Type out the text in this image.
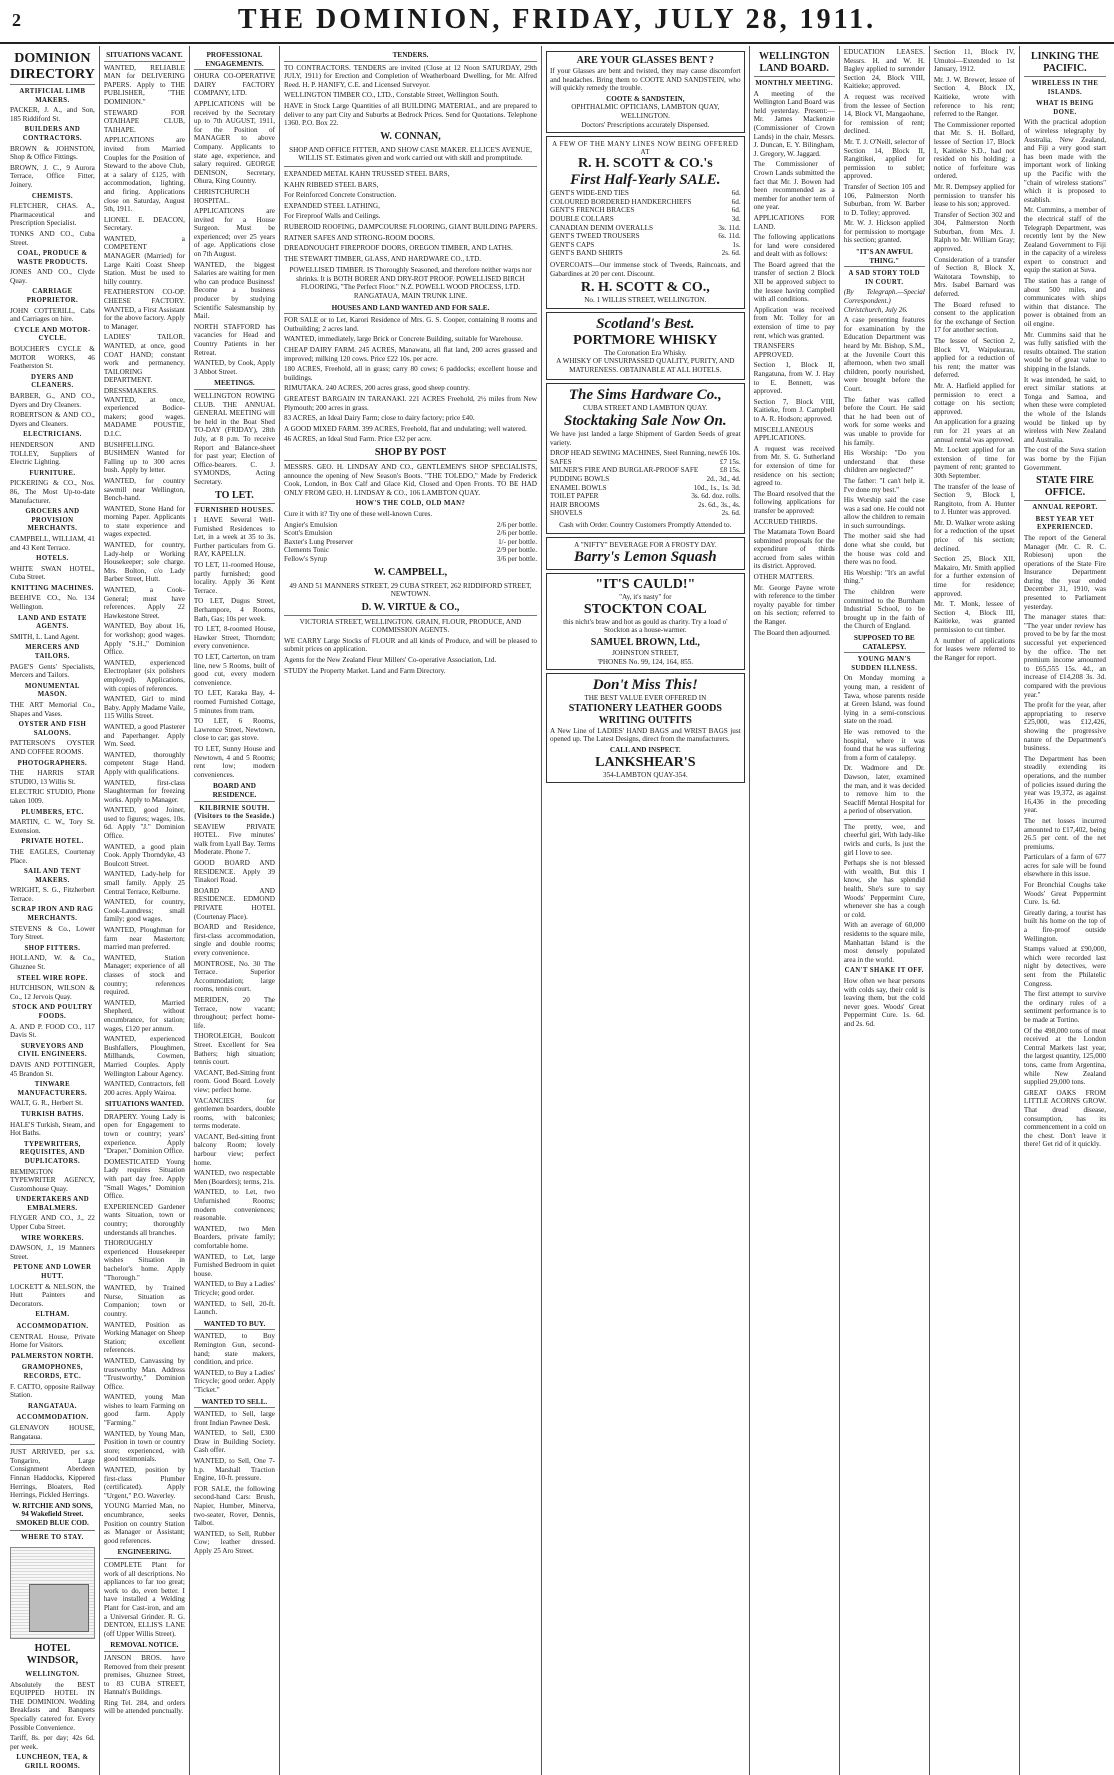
2	THE DOMINION, FRIDAY, JULY 28, 1911.
DOMINION DIRECTORY
ARTIFICIAL LIMB MAKERS.
PACKER, J. A., and Son, 185 Riddiford St.
BUILDERS AND CONTRACTORS.
BROWN & JOHNSTON, Shop & Office Fittings.
BROWN, J. C., 9 Aurora Terrace, Office Fitter, Joinery.
CHEMISTS.
FLETCHER, CHAS. A., Pharmaceutical and Prescription Specialist.
TONKS AND CO., Cuba Street.
COAL, PRODUCE & WASTE PRODUCTS.
JONES AND CO., Clyde Quay.
CARRIAGE PROPRIETOR.
JOHN COTTERILL, Cabs and Carriages on hire.
CYCLE AND MOTOR-CYCLE.
BOUCHER'S CYCLE & MOTOR WORKS, 46 Featherston St.
DYERS AND CLEANERS.
BARBER, G., AND CO., Dyers and Dry Cleaners.
ROBERTSON & AND CO., Dyers and Cleaners.
ELECTRICIANS.
HENDERSON AND TOLLEY, Suppliers of Electric Lighting.
FURNITURE.
PICKERING & CO., Nos. 86, The Most Up-to-date Manufacturer.
GROCERS AND PROVISION MERCHANTS.
CAMPBELL, WILLIAM, 41 and 43 Kent Terrace.
HOTELS.
WHITE SWAN HOTEL, Cuba Street.
KNITTING MACHINES.
BEEHIVE CO., No. 134 Wellington.
LAND AND ESTATE AGENTS.
SMITH, L. Land Agent.
MERCERS AND TAILORS.
PAGE'S Gents' Specialists, Mercers and Tailors.
MONUMENTAL MASON.
THE ART Memorial Co., Shapes and Vases.
OYSTER AND FISH SALOONS.
PATTERSON'S OYSTER AND COFFEE ROOMS.
PHOTOGRAPHERS.
THE HARRIS STAR STUDIO, 13 Willis St.
ELECTRIC STUDIO, Phone taken 1009.
PLUMBERS, ETC.
MARTIN, C. W., Tory St. Extension.
PRIVATE HOTEL.
THE EAGLES, Courtenay Place.
SAIL AND TENT MAKERS.
WRIGHT, S. G., Fitzherbert Terrace.
SCRAP IRON AND RAG MERCHANTS.
STEVENS & Co., Lower Tory Street.
SHOP FITTERS.
HOLLAND, W. & Co., Ghuznee St.
STEEL WIRE ROPE.
HUTCHISON, WILSON & Co., 12 Jervois Quay.
STOCK AND POULTRY FOODS.
A. AND P. FOOD CO., 117 Davis St.
SURVEYORS AND CIVIL ENGINEERS.
DAVIS AND POTTINGER, 45 Brandon St.
TINWARE MANUFACTURERS.
WALT, G. R., Herbert St.
TURKISH BATHS.
HALE'S Turkish, Steam, and Hot Baths.
TYPEWRITERS, REQUISITES, AND DUPLICATORS.
REMINGTON TYPEWRITER AGENCY, Customhouse Quay.
UNDERTAKERS AND EMBALMERS.
FLYGER AND CO., J., 22 Upper Cuba Street.
WIRE WORKERS.
DAWSON, J., 19 Manners Street.
PETONE AND LOWER HUTT.
LOCKETT & NELSON, the Hutt Painters and Decorators.
ELTHAM.
ACCOMMODATION.
CENTRAL House, Private Home for Visitors.
PALMERSTON NORTH.
GRAMOPHONES, RECORDS, ETC.
F. CATTO, opposite Railway Station.
RANGATAUA.
ACCOMMODATION.
GLENAVON HOUSE, Rangataua.
JUST ARRIVED, per s.s. Tongariro, Large Consignment Aberdeen Finnan Haddocks, Kippered Herrings, Bloaters, Red Herrings, Pickled Herrings.
W. RITCHIE AND SONS, 94 Wakefield Street. SMOKED BLUE COD.
WHERE TO STAY.
HOTEL WINDSOR,
WELLINGTON.
Absolutely the BEST EQUIPPED HOTEL IN THE DOMINION. Wedding Breakfasts and Banquets Specially catered for. Every Possible Convenience.
Tariff, 8s. per day; 42s 6d. per week.
LUNCHEON, TEA, & GRILL ROOMS.
SITUATIONS VACANT.
WANTED, RELIABLE MAN for DELIVERING PAPERS. Apply to THE PUBLISHER, "THE DOMINION."
STEWARD FOR OTAIHAPE CLUB, TAIHAPE.
APPLICATIONS are invited from Married Couples for the Position of Steward to the above Club, at a salary of £125, with accommodation, lighting, and firing. Applications close on Saturday, August 5th, 1911.
LIONEL E. DEACON, Secretary.
WANTED, a COMPETENT MANAGER (Married) for Large Kaiti Coast Sheep Station. Must be used to hilly country.
FEATHERSTON CO-OP. CHEESE FACTORY. WANTED, a First Assistant for the above factory. Apply to Manager.
LADIES' TAILOR. WANTED, at once, good COAT HAND; constant work and permanency. TAILORING DEPARTMENT.
DRESSMAKERS. WANTED, at once, experienced Bodice-makers; good wages. MADAME POUSTIE, D.I.C.
BUSHFELLING. BUSHMEN Wanted for Falling up to 300 acres bush. Apply by letter.
WANTED, for country sawmill near Wellington, Bench-hand.
WANTED, Stone Hand for morning Paper. Applicants to state experience and wages expected.
WANTED, for country, Lady-help or Working Housekeeper; sole charge. Mrs. Bolton, c/o Lady Barber Street, Hutt.
WANTED, a Cook-General; must have references. Apply 22 Hawkestone Street.
WANTED, Boy about 16, for workshop; good wages. Apply "S.H.," Dominion Office.
WANTED, experienced Electroplater (six polishers employed). Applications, with copies of references.
WANTED, Girl to mind Baby. Apply Madame Vaile, 115 Willis Street.
WANTED, a good Plasterer and Paperhanger. Apply Wm. Seed.
WANTED, thoroughly competent Stage Hand. Apply with qualifications.
WANTED, first-class Slaughterman for freezing works. Apply to Manager.
WANTED, good Joiner, used to figures; wages, 10s. 6d. Apply "J." Dominion Office.
WANTED, a good plain Cook. Apply Thorndyke, 43 Boulcott Street.
WANTED, Lady-help for small family. Apply 25 Central Terrace, Kelburne.
WANTED, for country, Cook-Laundress; small family; good wages.
WANTED, Ploughman for farm near Masterton; married man preferred.
WANTED, Station Manager; experience of all classes of stock and country; references required.
WANTED, Married Shepherd, without encumbrance, for station; wages, £120 per annum.
WANTED, experienced Bushfallers, Ploughmen, Millhands, Cowmen, Married Couples. Apply Wellington Labour Agency.
WANTED, Contractors, fell 200 acres. Apply Wairoa.
SITUATIONS WANTED.
DRAPERY. Young Lady is open for Engagement to town or country; years' experience. Apply "Draper," Dominion Office.
DOMESTICATED Young Lady requires Situation with part day free. Apply "Small Wages," Dominion Office.
EXPERIENCED Gardener wants Situation, town or country; thoroughly understands all branches.
THOROUGHLY experienced Housekeeper wishes Situation in bachelor's home. Apply "Thorough."
WANTED, by Trained Nurse, Situation as Companion; town or country.
WANTED, Position as Working Manager on Sheep Station; excellent references.
WANTED, Canvassing by trustworthy Man. Address "Trustworthy," Dominion Office.
WANTED, young Man wishes to learn Farming on good farm. Apply "Farming."
WANTED, by Young Man, Position in town or country store; experienced, with good testimonials.
WANTED, position by first-class Plumber (certificated). Apply "Urgent," P.O. Waverley.
YOUNG Married Man, no encumbrance, seeks Position on country Station as Manager or Assistant; good references.
ENGINEERING.
COMPLETE Plant for work of all descriptions. No appliances to far too great; work to do, even better. I have installed a Welding Plant for Cast-iron, and am a Universal Grinder. R. G. DENTON, ELLIS'S LANE (off Upper Willis Street).
REMOVAL NOTICE.
JANSON BROS. have Removed from their present premises, Ghuznee Street, to 83 CUBA STREET, Hannah's Buildings.
Ring Tel. 284, and orders will be attended punctually.
PROFESSIONAL ENGAGEMENTS.
OHURA CO-OPERATIVE DAIRY FACTORY COMPANY, LTD.
APPLICATIONS will be received by the Secretary up to 7th AUGUST, 1911, for the Position of MANAGER to above Company. Applicants to state age, experience, and salary required. GEORGE DENISON, Secretary, Ohura, King Country.
CHRISTCHURCH HOSPITAL.
APPLICATIONS are invited for a House Surgeon. Must be experienced; over 25 years of age. Applications close on 7th August.
WANTED, the biggest Salaries are waiting for men who can produce Business! Become a business producer by studying Scientific Salesmanship by Mail.
NORTH STAFFORD has vacancies for Head and Country Patients in her Retreat.
WANTED, by Cook, Apply 3 Abbot Street.
MEETINGS.
WELLINGTON ROWING CLUB. THE ANNUAL GENERAL MEETING will be held in the Boat Shed TO-DAY (FRIDAY), 28th July, at 8 p.m. To receive Report and Balance-sheet for past year; Election of Office-bearers. C. J. SYMONDS, Acting Secretary.
TO LET.
FURNISHED HOUSES.
I HAVE Several Well-Furnished Residences to Let, in a week at 35 to 3s. Further particulars from G. RAY, KAPELLN.
TO LET, 11-roomed House, partly furnished; good locality. Apply 36 Kent Terrace.
TO LET, Dugus Street, Berhampore, 4 Rooms, Bath, Gas; 10s per week.
TO LET, 8-roomed House, Hawker Street, Thorndon; every convenience.
TO LET, Carterton, on tram line, new 5 Rooms, built of good cut, every modern convenience.
TO LET, Karaka Bay, 4-roomed Furnished Cottage, 5 minutes from tram.
TO LET, 6 Rooms, Lawrence Street, Newtown, close to car; gas stove.
TO LET, Sunny House and Newtown, 4 and 5 Rooms; rent low; modern conveniences.
BOARD AND RESIDENCE.
KILBIRNIE SOUTH. (Visitors to the Seaside.)
SEAVIEW PRIVATE HOTEL. Five minutes' walk from Lyall Bay. Terms Moderate. Phone 7.
GOOD BOARD AND RESIDENCE. Apply 39 Tinakori Road.
BOARD AND RESIDENCE. EDMOND PRIVATE HOTEL (Courtenay Place).
BOARD and Residence, first-class accommodation, single and double rooms; every convenience.
MONTROSE, No. 30 The Terrace. Superior Accommodation; large rooms, tennis court.
MERIDEN, 20 The Terrace, now vacant; throughout; perfect home-life.
THOROLEIGH, Boulcott Street. Excellent for Sea Bathers; high situation; tennis court.
VACANT, Bed-Sitting front room. Good Board. Lovely view; perfect home.
VACANCIES for gentlemen boarders, double rooms, with balconies; terms moderate.
VACANT, Bed-sitting front balcony Room; lovely harbour view; perfect home.
WANTED, two respectable Men (Boarders); terms, 21s.
WANTED, to Let, two Unfurnished Rooms; modern conveniences; reasonable.
WANTED, two Men Boarders, private family; comfortable home.
WANTED, to Let, large Furnished Bedroom in quiet house.
WANTED, to Buy a Ladies' Tricycle; good order.
WANTED, to Sell, 20-ft. Launch.
WANTED TO BUY.
WANTED, to Buy Remington Gun, second-hand; state makers, condition, and price.
WANTED, to Buy a Ladies' Tricycle; good order. Apply "Ticket."
WANTED TO SELL.
WANTED, to Sell, large front Indian Pawnee Desk.
WANTED, to Sell, £300 Draw in Building Society. Cash offer.
WANTED, to Sell, One 7-h.p. Marshall Traction Engine, 10-ft. pressure.
FOR SALE, the following second-hand Cars: Brush, Napier, Humber, Minerva, two-seater, Rover, Dennis, Talbot.
WANTED, to Sell, Rubber Cow; leather dressed. Apply 25 Aro Street.
TENDERS.
TO CONTRACTORS. TENDERS are invited (Close at 12 Noon SATURDAY, 29th JULY, 1911) for Erection and Completion of Weatherboard Dwelling, for Mr. Alfred Reed. H. P. HANIFY, C.E. and Licensed Surveyor.
WELLINGTON TIMBER CO., LTD., Constable Street, Wellington South.
HAVE in Stock Large Quantities of all BUILDING MATERIAL, and are prepared to deliver to any part City and Suburbs at Bedrock Prices. Send for Quotations. Telephone 1360. P.O. Box 22.
W. CONNAN,
SHOP AND OFFICE FITTER, AND SHOW CASE MAKER. ELLICE'S AVENUE, WILLIS ST. Estimates given and work carried out with skill and promptitude.
EXPANDED METAL KAHN TRUSSED STEEL BARS,
KAHN RIBBED STEEL BARS,
For Reinforced Concrete Construction.
EXPANDED STEEL LATHING,
For Fireproof Walls and Ceilings.
RUBEROID ROOFING, DAMPCOURSE FLOORING, GIANT BUILDING PAPERS.
RATNER SAFES AND STRONG-ROOM DOORS.
DREADNOUGHT FIREPROOF DOORS, OREGON TIMBER, AND LATHS.
THE STEWART TIMBER, GLASS, AND HARDWARE CO., LTD.
POWELLISED TIMBER. IS Thoroughly Seasoned, and therefore neither warps nor shrinks. It is BOTH BORER AND DRY-ROT PROOF. POWELLISED BIRCH FLOORING, "The Perfect Floor." N.Z. POWELL WOOD PROCESS, LTD. RANGATAUA, MAIN TRUNK LINE.
HOUSES AND LAND WANTED AND FOR SALE.
FOR SALE or to Let, Karori Residence of Mrs. G. S. Cooper, containing 8 rooms and Outbuilding; 2 acres land.
WANTED, immediately, large Brick or Concrete Building, suitable for Warehouse.
CHEAP DAIRY FARM. 245 ACRES, Manawatu, all flat land, 200 acres grassed and improved; milking 120 cows. Price £22 10s. per acre.
180 ACRES, Freehold, all in grass; carry 80 cows; 6 paddocks; excellent house and buildings.
RIMUTAKA. 240 ACRES, 200 acres grass, good sheep country.
GREATEST BARGAIN IN TARANAKI. 221 ACRES Freehold, 2½ miles from New Plymouth; 200 acres in grass.
83 ACRES, an Ideal Dairy Farm; close to dairy factory; price £40.
A GOOD MIXED FARM. 399 ACRES, Freehold, flat and undulating; well watered.
46 ACRES, an Ideal Stud Farm. Price £32 per acre.
SHOP BY POST
MESSRS. GEO. H. LINDSAY AND CO., GENTLEMEN'S SHOP SPECIALISTS, announce the opening of New Season's Boots. "THE TOLEDO," Made by Frederick Cook, London, in Box Calf and Glace Kid, Closed and Open Fronts. TO BE HAD ONLY FROM GEO. H. LINDSAY & CO., 106 LAMBTON QUAY.
HOW'S THE COLD, OLD MAN?
Cure it with it? Try one of these well-known Cures.
Angier's Emulsion	2/6 per bottle.
Scott's Emulsion	2/6 per bottle.
Baxter's Lung Preserver	1/- per bottle.
Clements Tonic	2/9 per bottle.
Fellow's Syrup	3/6 per bottle.
W. CAMPBELL,
49 AND 51 MANNERS STREET, 29 CUBA STREET, 262 RIDDIFORD STREET, NEWTOWN.
D. W. VIRTUE & CO.,
VICTORIA STREET, WELLINGTON. GRAIN, FLOUR, PRODUCE, AND COMMISSION AGENTS.
WE CARRY Large Stocks of FLOUR and all kinds of Produce, and will be pleased to submit prices on application.
Agents for the New Zealand Fleur Millers' Co-operative Association, Ltd.
STUDY the Property Market. Land and Farm Directory.
ARE YOUR GLASSES BENT ?
If your Glasses are bent and twisted, they may cause discomfort and headaches. Bring them to COOTE AND SANDSTEIN, who will quickly remedy the trouble.
COOTE & SANDSTEIN,
OPHTHALMIC OPTICIANS, LAMBTON QUAY, WELLINGTON.
Doctors' Prescriptions accurately Dispensed.
A FEW OF THE MANY LINES NOW BEING OFFERED AT
R. H. SCOTT & CO.'s
First Half-Yearly SALE.
GENT'S WIDE-END TIES	6d.
COLOURED BORDERED HANDKERCHIEFS	6d.
GENT'S FRENCH BRACES	6d.
DOUBLE COLLARS	3d.
CANADIAN DENIM OVERALLS	3s. 11d.
GENT'S TWEED TROUSERS	6s. 11d.
GENT'S CAPS	1s.
GENT'S BAND SHIRTS	2s. 6d.
OVERCOATS—Our immense stock of Tweeds, Raincoats, and Gabardines at 20 per cent. Discount.
R. H. SCOTT & CO.,
No. 1 WILLIS STREET, WELLINGTON.
Scotland's Best.
PORTMORE WHISKY
The Coronation Era Whisky.
A WHISKY OF UNSURPASSED QUALITY, PURITY, AND MATURENESS. OBTAINABLE AT ALL HOTELS.
The Sims Hardware Co.,
CUBA STREET AND LAMBTON QUAY.
Stocktaking Sale Now On.
We have just landed a large Shipment of Garden Seeds of great variety.
DROP HEAD SEWING MACHINES, Steel Running, new £6 10s.
SAFES	£7 15s.
MILNER'S FIRE AND BURGLAR-PROOF SAFE	£8 15s.
PUDDING BOWLS	2d., 3d., 4d.
ENAMEL BOWLS	10d., 1s., 1s. 3d.
TOILET PAPER	3s. 6d. doz. rolls.
HAIR BROOMS	2s. 6d., 3s., 4s.
SHOVELS	2s. 6d.
Cash with Order. Country Customers Promptly Attended to.
A "NIFTY" BEVERAGE FOR A FROSTY DAY.
Barry's Lemon Squash
"IT'S CAULD!"
"Ay, it's nasty" for
STOCKTON COAL
this nicht's braw and hot as gould as charity. Try a load o' Stockton as a house-warmer.
SAMUEL BROWN, Ltd.,
JOHNSTON STREET,
'PHONES No. 99, 124, 164, 855.
Don't Miss This!
THE BEST VALUE EVER OFFERED IN
STATIONERY LEATHER GOODS WRITING OUTFITS
A New Line of LADIES' HAND BAGS and WRIST BAGS just opened up. The Latest Designs, direct from the manufacturers.
CALL AND INSPECT.
LANKSHEAR'S
354-LAMBTON QUAY-354.
WELLINGTON LAND BOARD.
MONTHLY MEETING.
A meeting of the Wellington Land Board was held yesterday. Present:—Mr. James Mackenzie (Commissioner of Crown Lands) in the chair, Messrs. J. Duncan, E. Y. Bilingham, J. Gregory, W. Jaggard.
The Commissioner of Crown Lands submitted the fact that Mr. J. Bowen had been recommended as a member for another term of one year.
APPLICATIONS FOR LAND.
The following applications for land were considered and dealt with as follows:
The Board agreed that the transfer of section 2 Block XII be approved subject to the lessee having complied with all conditions.
Application was received from Mr. Tolley for an extension of time to pay rent, which was granted.
TRANSFERS APPROVED.
Section 1, Block II, Rangatuna, from W. J. Hay to E. Bennett, was approved.
Section 7, Block VIII, Kaitieke, from J. Campbell to A. R. Hodson; approved.
MISCELLANEOUS APPLICATIONS.
A request was received from Mr. S. G. Sutherland for extension of time for residence on his section; agreed to.
The Board resolved that the following applications for transfer be approved:
ACCRUED THIRDS.
The Matamata Town Board submitted proposals for the expenditure of thirds accrued from sales within its district. Approved.
OTHER MATTERS.
Mr. George Payne wrote with reference to the timber royalty payable for timber on his section; referred to the Ranger.
The Board then adjourned.
EDUCATION LEASES. Messrs. H. and W. H. Bagley applied to surrender Section 24, Block VIII, Kaitieke; approved.
A request was received from the lessee of Section 14, Block VI, Mangaohane, for remission of rent; declined.
Mr. T. J. O'Neill, selector of Section 14, Block II, Rangitikei, applied for permission to sublet; approved.
Transfer of Section 105 and 106, Palmerston North Suburban, from W. Barber to D. Tolley; approved.
Mr. W. J. Hickson applied for permission to mortgage his section; granted.
"IT'S AN AWFUL THING."
A SAD STORY TOLD IN COURT.
(By Telegraph.—Special Correspondent.) Christchurch, July 26.
A case presenting features for examination by the Education Department was heard by Mr. Bishop, S.M., at the Juvenile Court this afternoon, when two small children, poorly nourished, were brought before the Court.
The father was called before the Court. He said that he had been out of work for some weeks and was unable to provide for his family.
His Worship: "Do you understand that these children are neglected?"
The father: "I can't help it. I've done my best."
His Worship said the case was a sad one. He could not allow the children to remain in such surroundings.
The mother said she had done what she could, but the house was cold and there was no food.
His Worship: "It's an awful thing."
The children were committed to the Burnham Industrial School, to be brought up in the faith of the Church of England.
SUPPOSED TO BE CATALEPSY.
YOUNG MAN'S SUDDEN ILLNESS.
On Monday morning a young man, a resident of Tawa, whose parents reside at Green Island, was found lying in a semi-conscious state on the road.
He was removed to the hospital, where it was found that he was suffering from a form of catalepsy.
Dr. Wadmore and Dr. Dawson, later, examined the man, and it was decided to remove him to the Seacliff Mental Hospital for a period of observation.
The pretty, wee, and cheerful girl, With lady-like twirls and curls, Is just the girl I love to see.
Perhaps she is not blessed with wealth, But this I know, she has splendid health, She's sure to say Woods' Peppermint Cure, whenever she has a cough or cold.
With an average of 60,000 residents to the square mile, Manhattan Island is the most densely populated area in the world.
CAN'T SHAKE IT OFF.
How often we hear persons with colds say, their cold is leaving them, but the cold never goes. Woods' Great Peppermint Cure. 1s. 6d. and 2s. 6d.
Section 11, Block IV, Umutoi—Extended to 1st January, 1912.
Mr. J. W. Brewer, lessee of Section 4, Block IX, Kaitieke, wrote with reference to his rent; referred to the Ranger.
The Commissioner reported that Mr. S. H. Bollard, lessee of Section 17, Block I, Kaitieke S.D., had not resided on his holding; a notice of forfeiture was ordered.
Mr. R. Dempsey applied for permission to transfer his lease to his son; approved.
Transfer of Section 302 and 304, Palmerston North Suburban, from Mrs. J. Ralph to Mr. William Gray; approved.
Consideration of a transfer of Section 8, Block X, Waitotara Township, to Mrs. Isabel Barnard was deferred.
The Board refused to consent to the application for the exchange of Section 17 for another section.
The lessee of Section 2, Block VI, Waipukurau, applied for a reduction of his rent; the matter was deferred.
Mr. A. Hatfield applied for permission to erect a cottage on his section; approved.
An application for a grazing run for 21 years at an annual rental was approved.
Mr. Lockett applied for an extension of time for payment of rent; granted to 30th September.
The transfer of the lease of Section 9, Block I, Rangitoto, from A. Hunter to J. Hunter was approved.
Mr. D. Walker wrote asking for a reduction of the upset price of his section; declined.
Section 25, Block XII, Makairo, Mr. Smith applied for a further extension of time for residence; approved.
Mr. T. Monk, lessee of Section 4, Block III, Kaitieke, was granted permission to cut timber.
A number of applications for leases were referred to the Ranger for report.
LINKING THE PACIFIC.
WIRELESS IN THE ISLANDS.
WHAT IS BEING DONE.
With the practical adoption of wireless telegraphy by Australia, New Zealand, and Fiji a very good start has been made with the important work of linking up the Pacific with the "chain of wireless stations" which it is proposed to establish.
Mr. Cummins, a member of the electrical staff of the Telegraph Department, was recently lent by the New Zealand Government to Fiji in the capacity of a wireless expert to construct and equip the station at Suva.
The station has a range of about 500 miles, and communicates with ships within that distance. The power is obtained from an oil engine.
Mr. Cummins said that he was fully satisfied with the results obtained. The station would be of great value to shipping in the Islands.
It was intended, he said, to erect similar stations at Tonga and Samoa, and when these were completed the whole of the Islands would be linked up by wireless with New Zealand and Australia.
The cost of the Suva station was borne by the Fijian Government.
STATE FIRE OFFICE.
ANNUAL REPORT.
BEST YEAR YET EXPERIENCED.
The report of the General Manager (Mr. C. R. C. Robieson) upon the operations of the State Fire Insurance Department during the year ended December 31, 1910, was presented to Parliament yesterday.
The manager states that: "The year under review has proved to be by far the most successful yet experienced by the office. The net premium income amounted to £65,555 15s. 4d., an increase of £14,208 3s. 3d. compared with the previous year."
The profit for the year, after appropriating to reserve £25,000, was £12,426, showing the progressive nature of the Department's business.
The Department has been steadily extending its operations, and the number of policies issued during the year was 19,372, as against 16,436 in the preceding year.
The net losses incurred amounted to £17,402, being 26.5 per cent. of the net premiums.
Particulars of a farm of 677 acres for sale will be found elsewhere in this issue.
For Bronchial Coughs take Woods' Great Peppermint Cure. 1s. 6d.
Greatly daring, a tourist has built his home on the top of a fire-proof outside Wellington.
Stamps valued at £90,000, which were recorded last night by detectives, were sent from the Philatelic Congress.
The first attempt to survive the ordinary rules of a sentiment performance is to be made at Tortino.
Of the 498,000 tons of meat received at the London Central Markets last year, the largest quantity, 125,000 tons, came from Argentina, while New Zealand supplied 29,000 tons.
GREAT OAKS FROM LITTLE ACORNS GROW. That dread disease, consumption, has its commencement in a cold on the chest. Don't leave it there! Get rid of it quickly.
